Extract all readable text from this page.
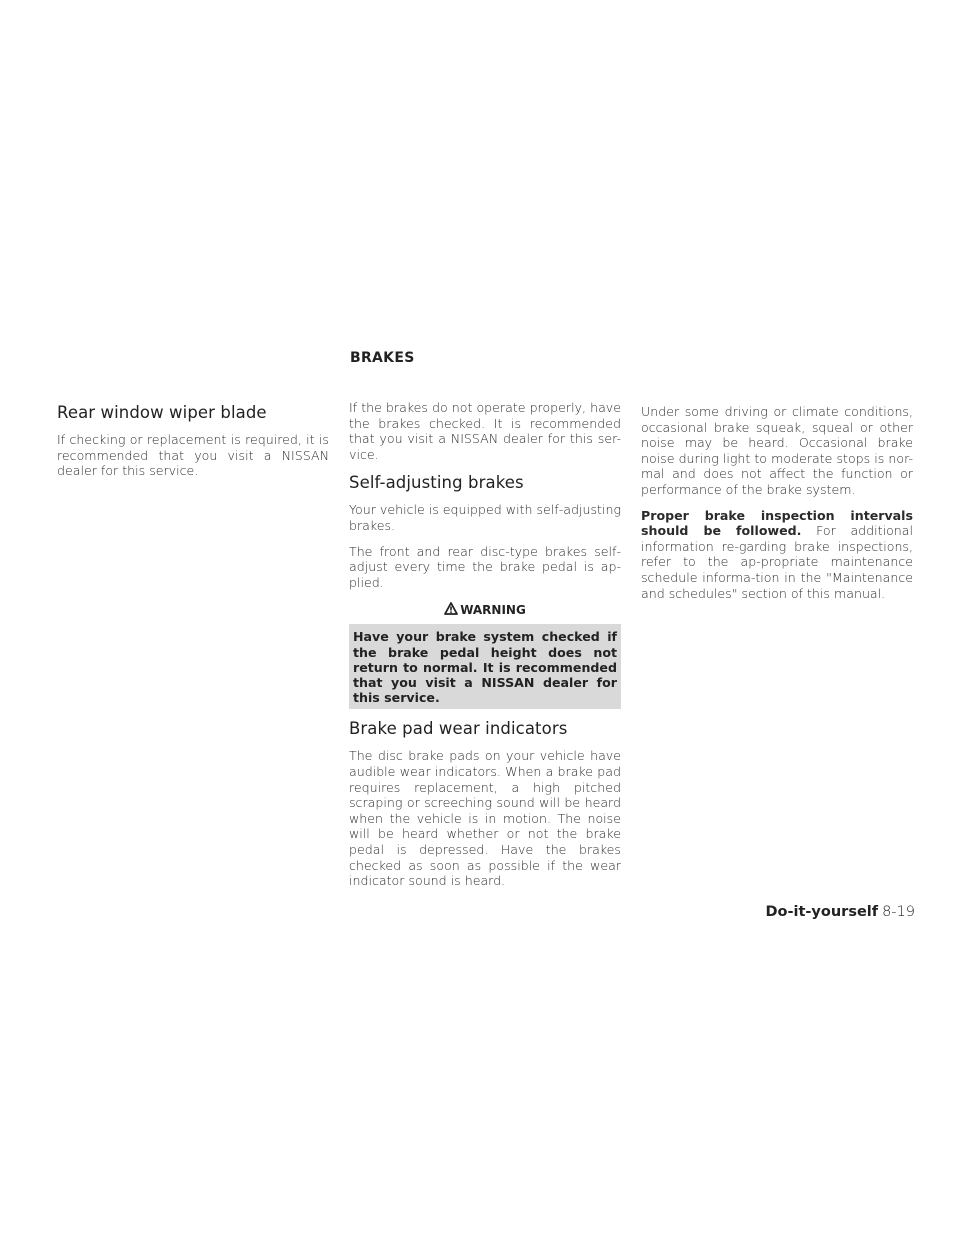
BRAKES
Rear window wiper blade

If checking or replacement is required, it is recommended that you visit a NISSAN dealer for this service.

If the brakes do not operate properly, have the brakes checked. It is recommended that you visit a NISSAN dealer for this ser-vice.

Self-adjusting brakes

Your vehicle is equipped with self-adjusting brakes.

The front and rear disc-type brakes self-adjust every time the brake pedal is ap-plied.

WARNING
Have your brake system checked if the brake pedal height does not return to normal. It is recommended that you visit a NISSAN dealer for this service.
Brake pad wear indicators

The disc brake pads on your vehicle have audible wear indicators. When a brake pad requires replacement, a high pitched scraping or screeching sound will be heard when the vehicle is in motion. The noise will be heard whether or not the brake pedal is depressed. Have the brakes checked as soon as possible if the wear indicator sound is heard.

Under some driving or climate conditions, occasional brake squeak, squeal or other noise may be heard. Occasional brake noise during light to moderate stops is nor-mal and does not affect the function or performance of the brake system.

Proper brake inspection intervals should be followed. For additional information re-garding brake inspections, refer to the ap-propriate maintenance schedule informa-tion in the "Maintenance and schedules" section of this manual.

Do-it-yourself 8-19
